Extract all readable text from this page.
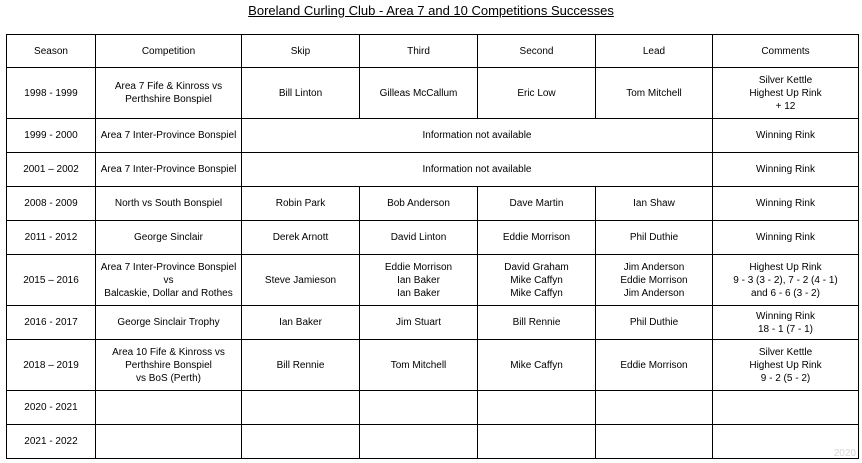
Boreland Curling Club - Area 7 and 10 Competitions Successes
Season	Competition	Skip	Third	Second	Lead	Comments
1998 - 1999	Area 7 Fife & Kinross vs
Perthshire Bonspiel	Bill Linton	Gilleas McCallum	Eric Low	Tom Mitchell	Silver Kettle
Highest Up Rink
+ 12
1999 - 2000	Area 7 Inter-Province Bonspiel	Information not available				Winning Rink
2001 – 2002	Area 7 Inter-Province Bonspiel	Information not available				Winning Rink
2008 - 2009	North vs South Bonspiel	Robin Park	Bob Anderson	Dave Martin	Ian Shaw	Winning Rink
2011 - 2012	George Sinclair	Derek Arnott	David Linton	Eddie Morrison	Phil Duthie	Winning Rink
2015 – 2016	Area 7 Inter-Province Bonspiel vs
Balcaskie, Dollar and Rothes	Steve Jamieson	Eddie Morrison
Ian Baker
Ian Baker	David Graham
Mike Caffyn
Mike Caffyn	Jim Anderson
Eddie Morrison
Jim Anderson	Highest Up Rink
9 - 3 (3 - 2), 7 - 2 (4 - 1)
and 6 - 6 (3 - 2)
2016 - 2017	George Sinclair Trophy	Ian Baker	Jim Stuart	Bill Rennie	Phil Duthie	Winning Rink
18 - 1 (7 - 1)
2018 – 2019	Area 10 Fife & Kinross vs
Perthshire Bonspiel
vs BoS (Perth)	Bill Rennie	Tom Mitchell	Mike Caffyn	Eddie Morrison	Silver Kettle
Highest Up Rink
9 - 2 (5 - 2)
2020 - 2021						
2021 - 2022						
2020
